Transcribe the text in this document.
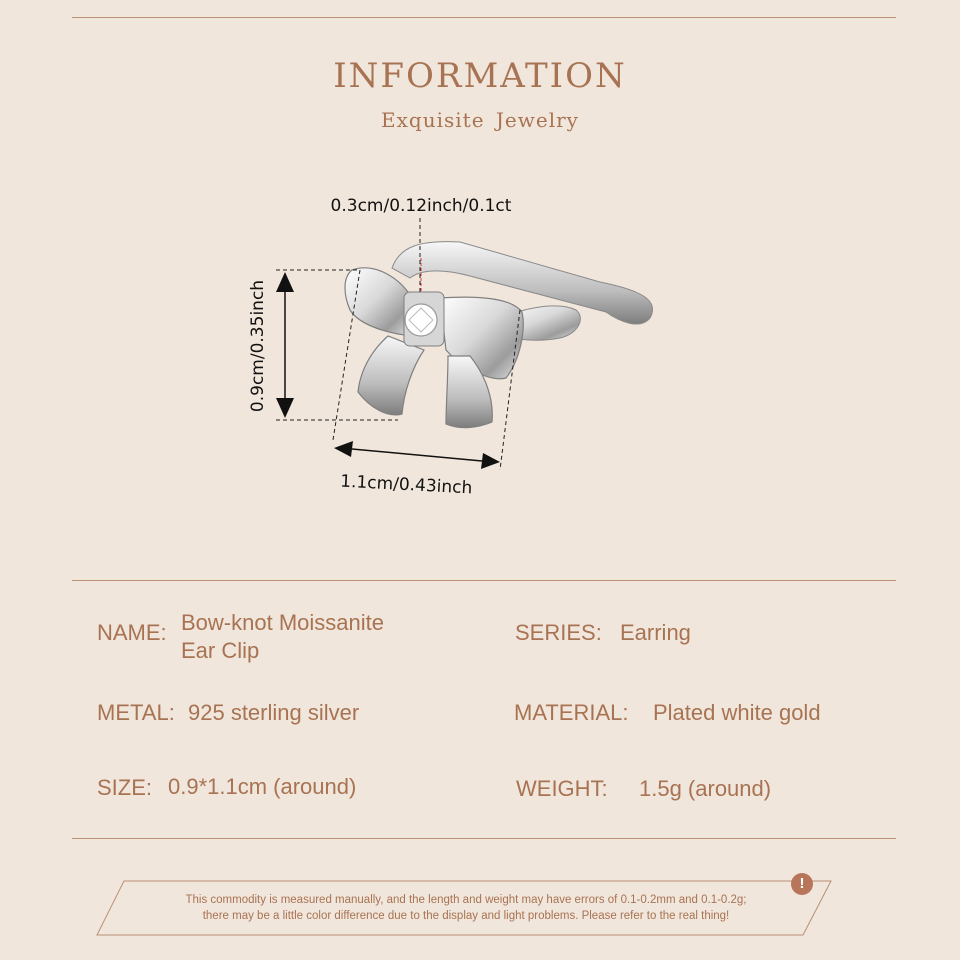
INFORMATION
Exquisite Jewelry
0.3cm/0.12inch/0.1ct
0.9cm/0.35inch
1.1cm/0.43inch
NAME: Bow-knot Moissanite
Ear Clip
SERIES: Earring
METAL: 925 sterling silver	MATERIAL: Plated white gold
SIZE: 0.9*1.1cm (around)	WEIGHT: 1.5g (around)
This commodity is measured manually, and the length and weight may have errors of 0.1-0.2mm and 0.1-0.2g;
there may be a little color difference due to the display and light problems. Please refer to the real thing!
!
